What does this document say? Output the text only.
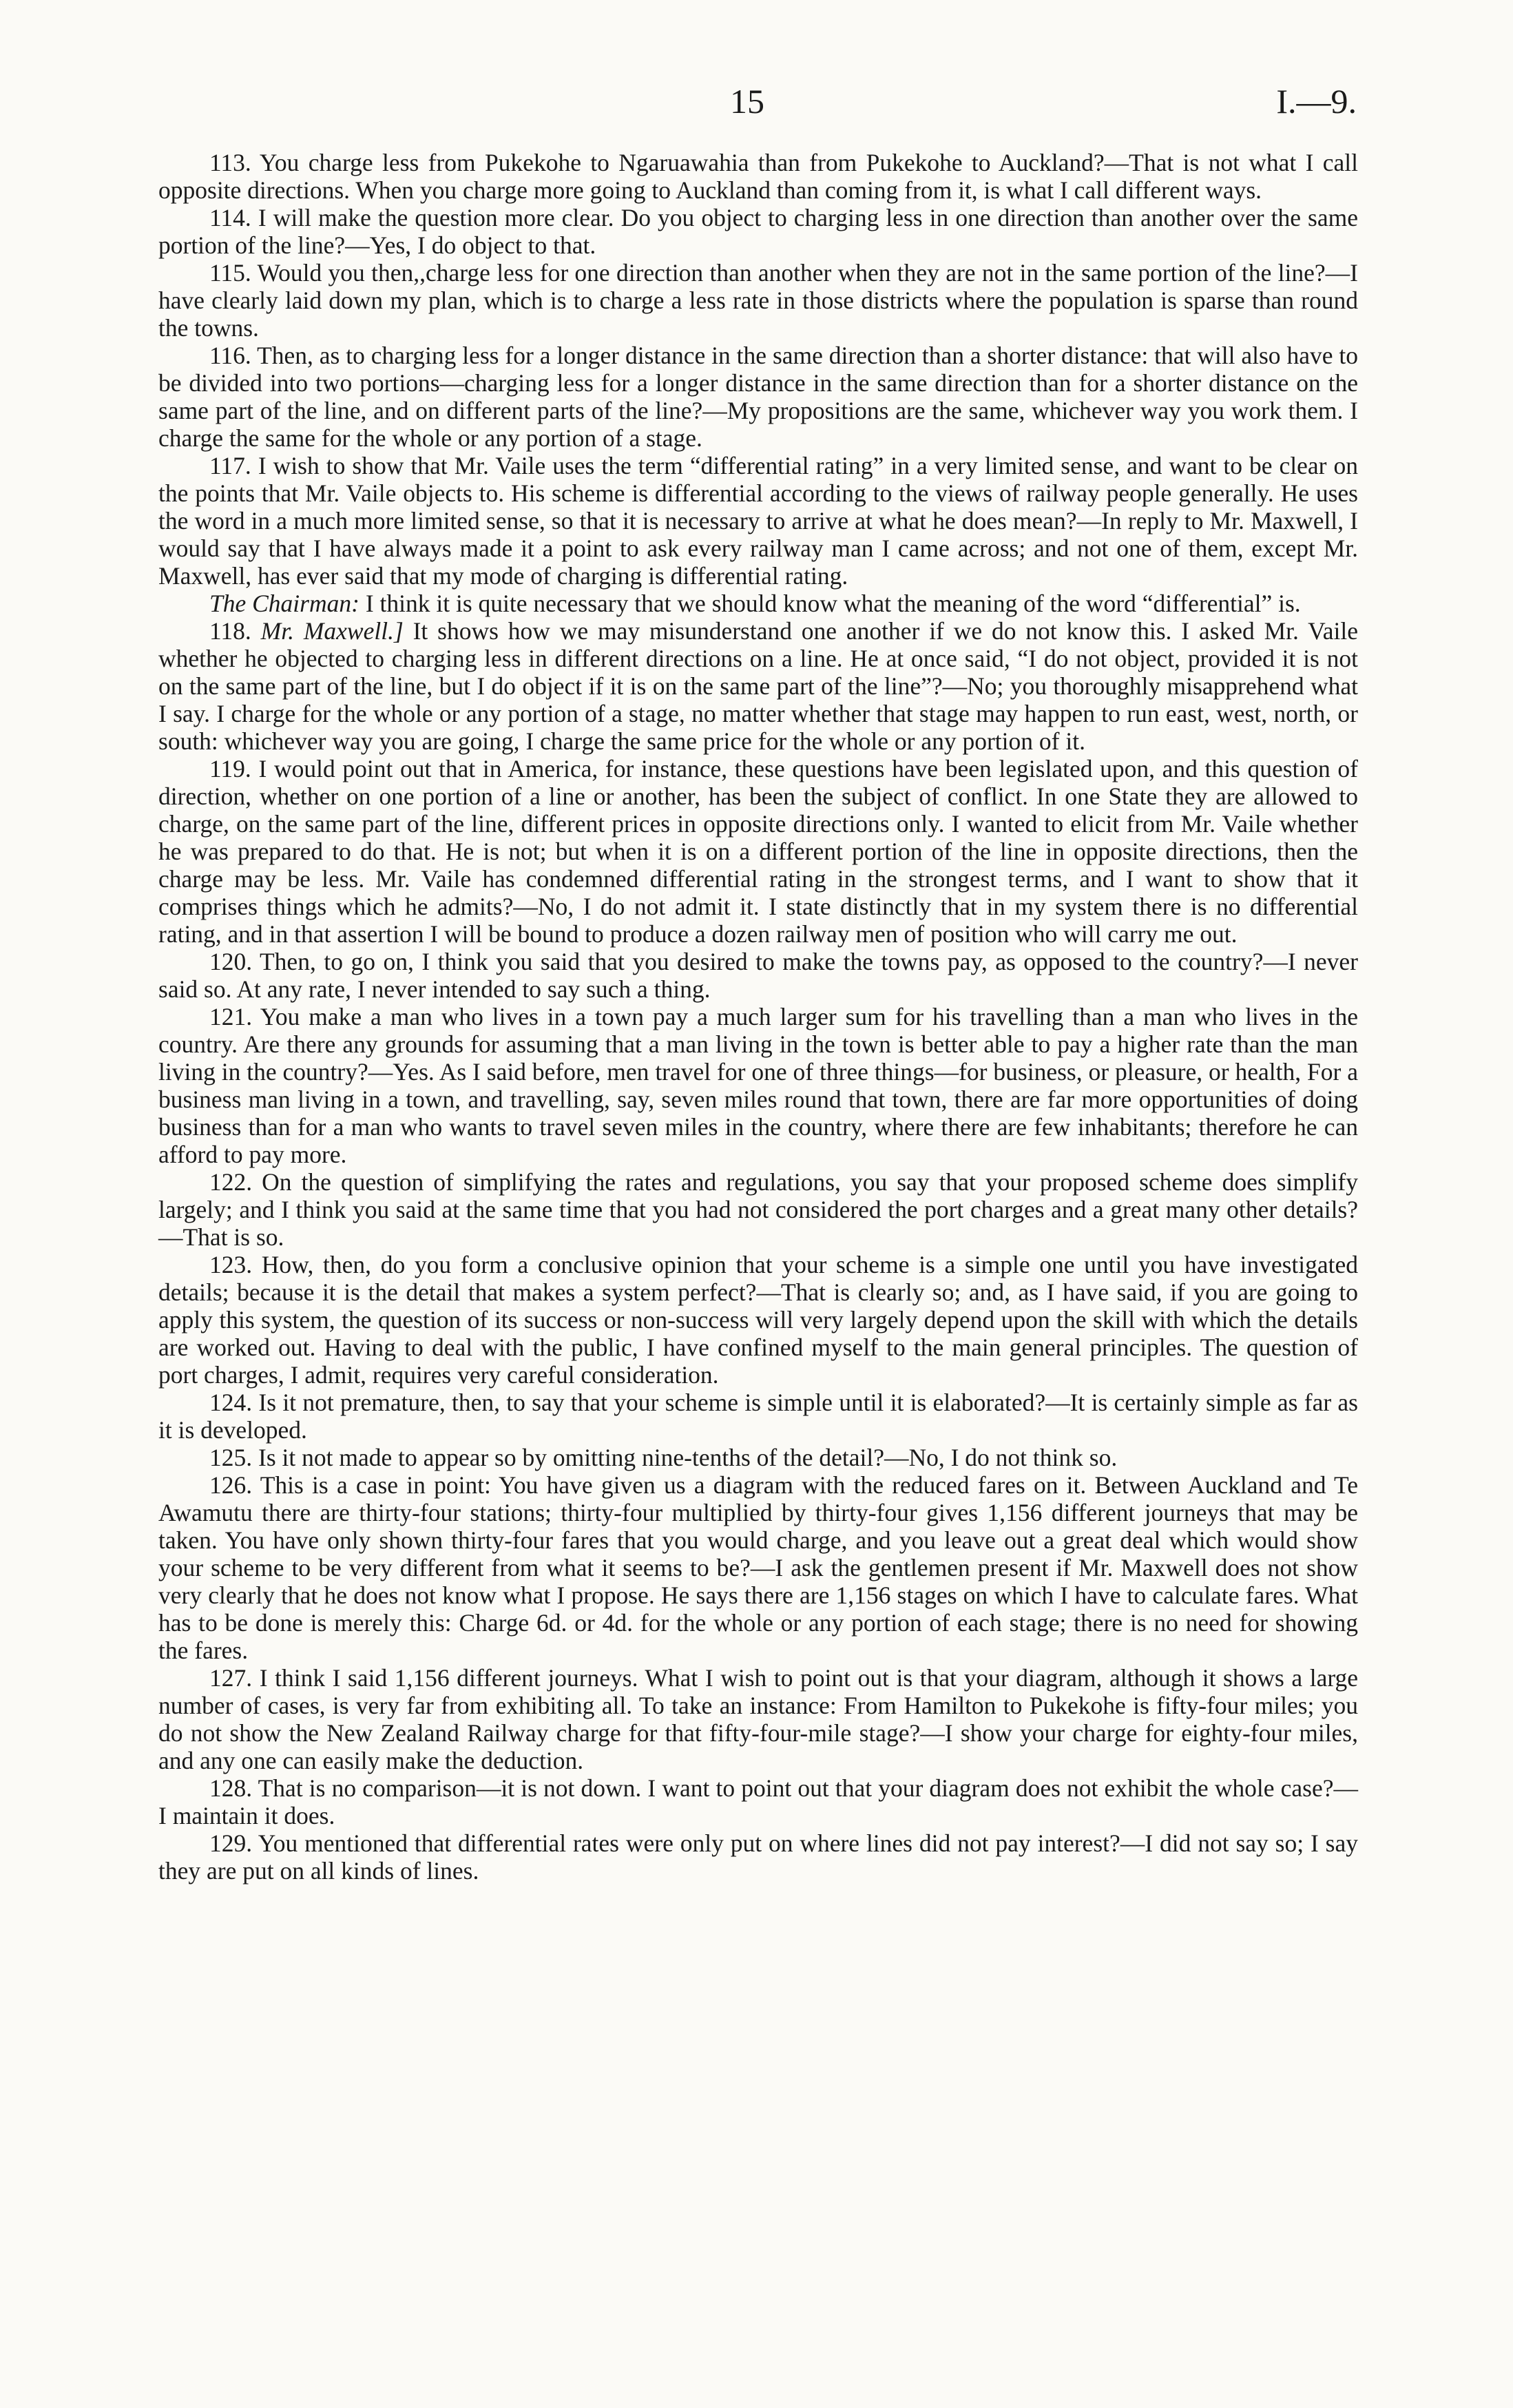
15	I.—9.

113. You charge less from Pukekohe to Ngaruawahia than from Pukekohe to Auckland?—That is not what I call opposite directions. When you charge more going to Auckland than coming from it, is what I call different ways.

114. I will make the question more clear. Do you object to charging less in one direction than another over the same portion of the line?—Yes, I do object to that.

115. Would you then,,charge less for one direction than another when they are not in the same portion of the line?—I have clearly laid down my plan, which is to charge a less rate in those districts where the population is sparse than round the towns.

116. Then, as to charging less for a longer distance in the same direction than a shorter distance: that will also have to be divided into two portions—charging less for a longer distance in the same direction than for a shorter distance on the same part of the line, and on different parts of the line?—My propositions are the same, whichever way you work them. I charge the same for the whole or any portion of a stage.

117. I wish to show that Mr. Vaile uses the term “differential rating” in a very limited sense, and want to be clear on the points that Mr. Vaile objects to. His scheme is differential according to the views of railway people generally. He uses the word in a much more limited sense, so that it is necessary to arrive at what he does mean?—In reply to Mr. Maxwell, I would say that I have always made it a point to ask every railway man I came across; and not one of them, except Mr. Maxwell, has ever said that my mode of charging is differential rating.

The Chairman: I think it is quite necessary that we should know what the meaning of the word “differential” is.

118. Mr. Maxwell.] It shows how we may misunderstand one another if we do not know this. I asked Mr. Vaile whether he objected to charging less in different directions on a line. He at once said, “I do not object, provided it is not on the same part of the line, but I do object if it is on the same part of the line”?—No; you thoroughly misapprehend what I say. I charge for the whole or any portion of a stage, no matter whether that stage may happen to run east, west, north, or south: whichever way you are going, I charge the same price for the whole or any portion of it.

119. I would point out that in America, for instance, these questions have been legislated upon, and this question of direction, whether on one portion of a line or another, has been the subject of conflict. In one State they are allowed to charge, on the same part of the line, different prices in opposite directions only. I wanted to elicit from Mr. Vaile whether he was prepared to do that. He is not; but when it is on a different portion of the line in opposite directions, then the charge may be less. Mr. Vaile has condemned differential rating in the strongest terms, and I want to show that it comprises things which he admits?—No, I do not admit it. I state distinctly that in my system there is no differential rating, and in that assertion I will be bound to produce a dozen railway men of position who will carry me out.

120. Then, to go on, I think you said that you desired to make the towns pay, as opposed to the country?—I never said so. At any rate, I never intended to say such a thing.

121. You make a man who lives in a town pay a much larger sum for his travelling than a man who lives in the country. Are there any grounds for assuming that a man living in the town is better able to pay a higher rate than the man living in the country?—Yes. As I said before, men travel for one of three things—for business, or pleasure, or health, For a business man living in a town, and travelling, say, seven miles round that town, there are far more opportunities of doing business than for a man who wants to travel seven miles in the country, where there are few inhabitants; therefore he can afford to pay more.

122. On the question of simplifying the rates and regulations, you say that your proposed scheme does simplify largely; and I think you said at the same time that you had not considered the port charges and a great many other details?—That is so.

123. How, then, do you form a conclusive opinion that your scheme is a simple one until you have investigated details; because it is the detail that makes a system perfect?—That is clearly so; and, as I have said, if you are going to apply this system, the question of its success or non-success will very largely depend upon the skill with which the details are worked out. Having to deal with the public, I have confined myself to the main general principles. The question of port charges, I admit, requires very careful consideration.

124. Is it not premature, then, to say that your scheme is simple until it is elaborated?—It is certainly simple as far as it is developed.

125. Is it not made to appear so by omitting nine-tenths of the detail?—No, I do not think so.

126. This is a case in point: You have given us a diagram with the reduced fares on it. Between Auckland and Te Awamutu there are thirty-four stations; thirty-four multiplied by thirty-four gives 1,156 different journeys that may be taken. You have only shown thirty-four fares that you would charge, and you leave out a great deal which would show your scheme to be very different from what it seems to be?—I ask the gentlemen present if Mr. Maxwell does not show very clearly that he does not know what I propose. He says there are 1,156 stages on which I have to calculate fares. What has to be done is merely this: Charge 6d. or 4d. for the whole or any portion of each stage; there is no need for showing the fares.

127. I think I said 1,156 different journeys. What I wish to point out is that your diagram, although it shows a large number of cases, is very far from exhibiting all. To take an instance: From Hamilton to Pukekohe is fifty-four miles; you do not show the New Zealand Railway charge for that fifty-four-mile stage?—I show your charge for eighty-four miles, and any one can easily make the deduction.

128. That is no comparison—it is not down. I want to point out that your diagram does not exhibit the whole case?—I maintain it does.

129. You mentioned that differential rates were only put on where lines did not pay interest?—I did not say so; I say they are put on all kinds of lines.
